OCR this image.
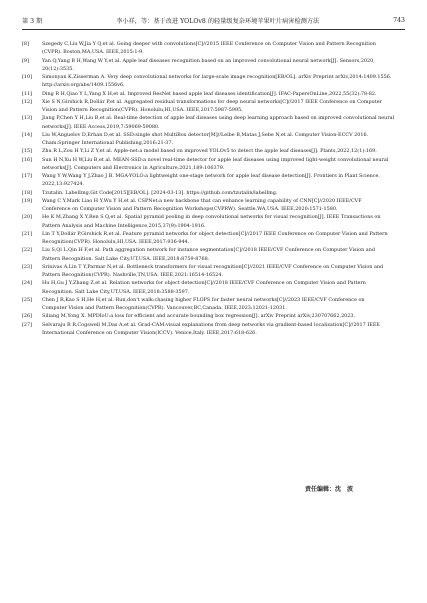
第 3 期	李小祥，等：基于改进 YOLOv8 的轻量级复杂环境苹果叶片病害检测方法	743
[8]	Szegedy C,Liu W,Jia Y Q,et al. Going deeper with convolutions[C]//2015 IEEE Conference on Computer Vision and Pattern Recognition
(CVPR). Boston,MA,USA. IEEE,2015:1-9.
[9]	Yan Q,Yang B H,Wang W Y,et al. Apple leaf diseases recognition based on an improved convolutional neural network[J]. Sensors,2020,
20(12):3535.
[10]	Simonyan K,Zisserman A. Very deep convolutional networks for large-scale image recognition[EB/OL]. arXiv Preprint arXiv,2014:1409.1556.
http://arxiv.org/abs/1409.1556v6.
[11]	Ding R H,Qiao Y L,Yang X H,et al. Improved ResNet based apple leaf diseases identification[J]. IFAC-PapersOnLine,2022,55(32):78-82.
[12]	Xie S N,Girshick R,Dollár P,et al. Aggregated residual transformations for deep neural networks[C]//2017 IEEE Conference on Computer
Vision and Pattern Recognition(CVPR). Honolulu,HI,USA. IEEE,2017:5987-5995.
[13]	Jiang P,Chen Y H,Liu B,et al. Real-time detection of apple leaf diseases using deep learning approach based on improved convolutional neural
networks[J]. IEEE Access,2019,7:59069-59080.
[14]	Liu W,Anguelov D,Erhan D,et al. SSD:single shot MultiBox detector[M]//Leibe B,Matas J,Sebe N,et al. Computer Vision-ECCV 2016.
Cham:Springer International Publishing,2016:21-37.
[15]	Zhu R L,Zou H Y,Li Z Y,et al. Apple-net:a model based on improved YOLOv5 to detect the apple leaf diseases[J]. Plants,2022,12(1):169.
[16]	Sun H N,Xu H W,Liu B,et al. MEAN-SSD:a novel real-time detector for apple leaf diseases using improved light-weight convolutional neural
networks[J]. Computers and Electronics in Agriculture,2021,189:106379.
[17]	Wang Y W,Wang Y J,Zhao J B. MGA-YOLO:a lightweight one-stage network for apple leaf disease detection[J]. Frontiers in Plant Science,
2022,13:927424.
[18]	Tzutalin. LabelImg.Git Code[2015][EB/OL]. [2024-03-13]. https://github.com/tzutalin/labelImg.
[19]	Wang C Y,Mark Liao H Y,Wu Y H,et al. CSPNet:a new backbone that can enhance learning capability of CNN[C]//2020 IEEE/CVF
Conference on Computer Vision and Pattern Recognition Workshops(CVPRW). Seattle,WA,USA. IEEE,2020:1571-1580.
[20]	He K M,Zhang X Y,Ren S Q,et al. Spatial pyramid pooling in deep convolutional networks for visual recognition[J]. IEEE Transactions on
Pattern Analysis and Machine Intelligence,2015,37(9):1904-1916.
[21]	Lin T Y,Dollár P,Girshick R,et al. Feature pyramid networks for object detection[C]//2017 IEEE Conference on Computer Vision and Pattern
Recognition(CVPR). Honolulu,HI,USA. IEEE,2017:936-944.
[22]	Liu S,Qi L,Qin H F,et al. Path aggregation network for instance segmentation[C]//2018 IEEE/CVF Conference on Computer Vision and
Pattern Recognition. Salt Lake City,UT,USA. IEEE,2018:8759-8768.
[23]	Srinivas A,Lin T Y,Parmar N,et al. Bottleneck transformers for visual recognition[C]//2021 IEEE/CVF Conference on Computer Vision and
Pattern Recognition(CVPR). Nashville,TN,USA. IEEE,2021:16514-16524.
[24]	Hu H,Gu J Y,Zhang Z,et al. Relation networks for object detection[C]//2018 IEEE/CVF Conference on Computer Vision and Pattern
Recognition. Salt Lake City,UT,USA. IEEE,2018:3588-3597.
[25]	Chen J R,Kao S H,He H,et al. Run,don't walk:chasing higher FLOPS for faster neural networks[C]//2023 IEEE/CVF Conference on
Computer Vision and Pattern Recognition(CVPR). Vancouver,BC,Canada. IEEE,2023:12021-12031.
[26]	Siliang M,Yong X. MPDIoU:a loss for efficient and accurate bounding box regression[J]. arXiv Preprint arXiv,230707662,2023.
[27]	Selvaraju R R,Cogswell M,Das A,et al. Grad-CAM:visual explanations from deep networks via gradient-based localization[C]//2017 IEEE
International Conference on Computer Vision(ICCV). Venice,Italy. IEEE,2017:618-626.
责任编辑：沈　波
